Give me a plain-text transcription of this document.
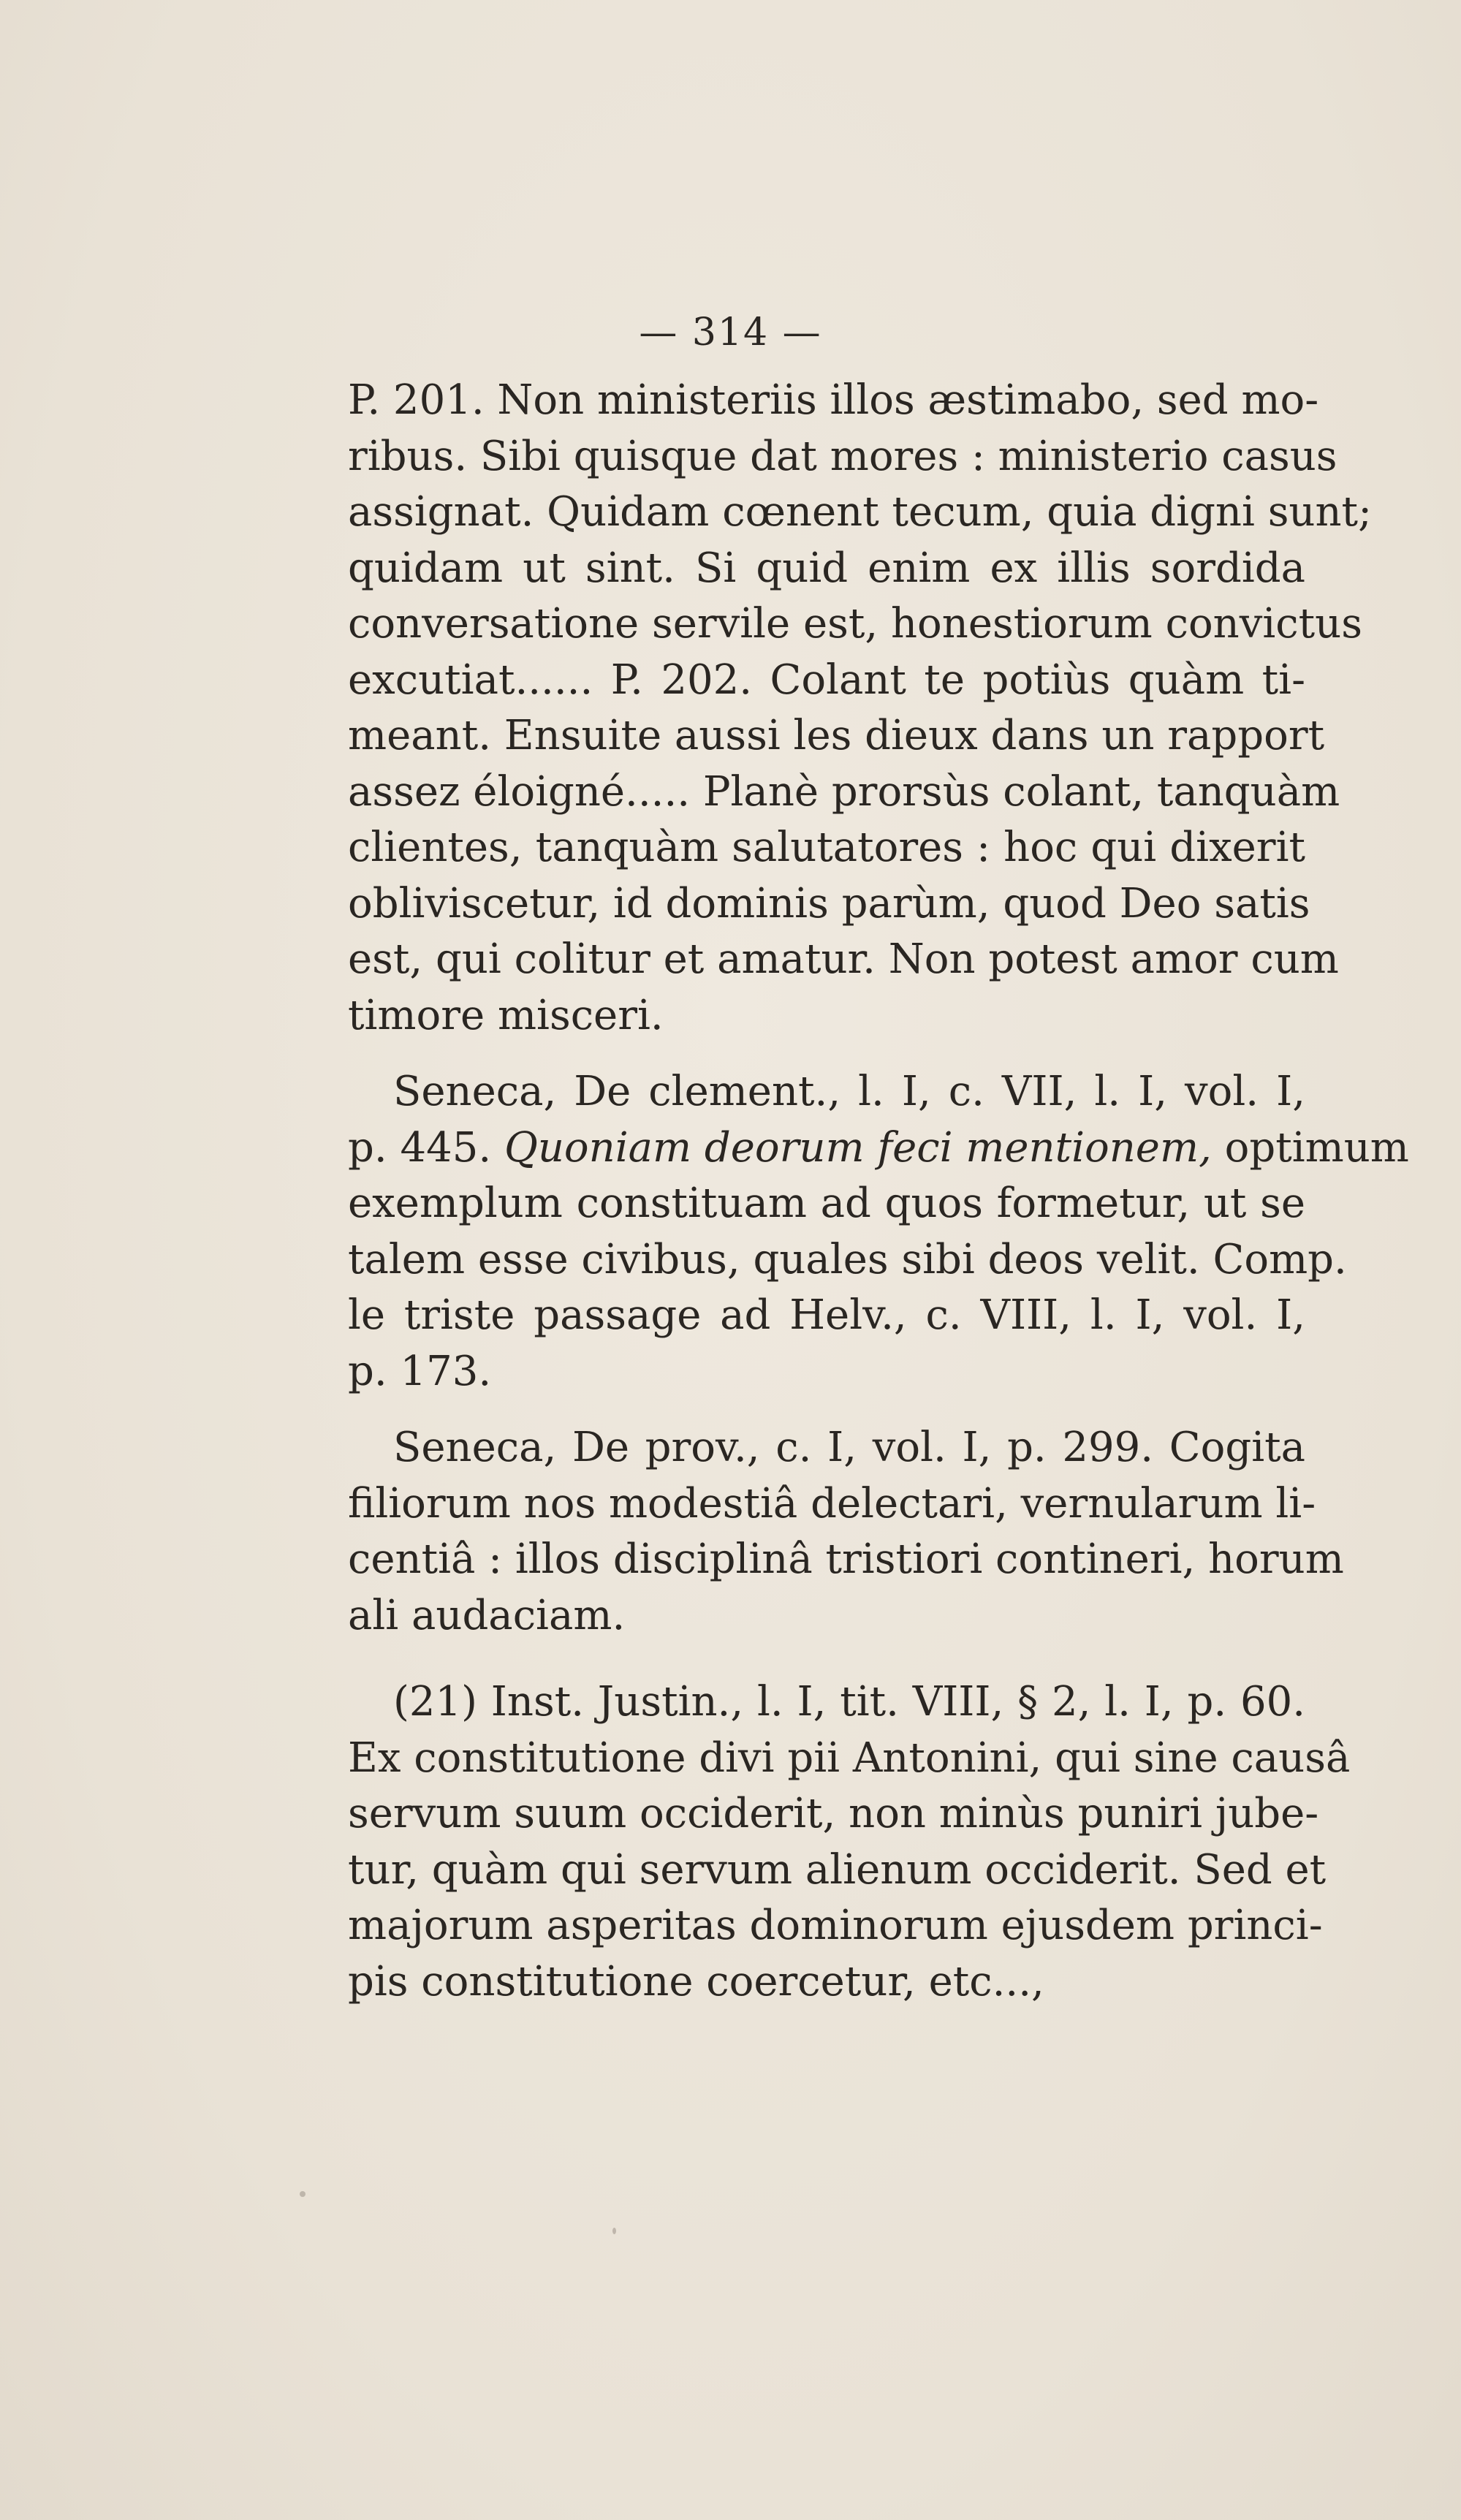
— 314 —
P. 201. Non ministeriis illos æstimabo, sed mo-
ribus. Sibi quisque dat mores : ministerio casus
assignat. Quidam cœnent tecum, quia digni sunt;
quidam ut sint. Si quid enim ex illis sordida
conversatione servile est, honestiorum convictus
excutiat...... P. 202. Colant te potiùs quàm ti-
meant. Ensuite aussi les dieux dans un rapport
assez éloigné..... Planè prorsùs colant, tanquàm
clientes, tanquàm salutatores : hoc qui dixerit
obliviscetur, id dominis parùm, quod Deo satis
est, qui colitur et amatur. Non potest amor cum
timore misceri.
Seneca, De clement., l. I, c. VII, l. I, vol. I,
p. 445. Quoniam deorum feci mentionem, optimum
exemplum constituam ad quos formetur, ut se
talem esse civibus, quales sibi deos velit. Comp.
le triste passage ad Helv., c. VIII, l. I, vol. I,
p. 173.
Seneca, De prov., c. I, vol. I, p. 299. Cogita
filiorum nos modestiâ delectari, vernularum li-
centiâ : illos disciplinâ tristiori contineri, horum
ali audaciam.
(21) Inst. Justin., l. I, tit. VIII, § 2, l. I, p. 60.
Ex constitutione divi pii Antonini, qui sine causâ
servum suum occiderit, non minùs puniri jube-
tur, quàm qui servum alienum occiderit. Sed et
majorum asperitas dominorum ejusdem princi-
pis constitutione coercetur, etc...,
